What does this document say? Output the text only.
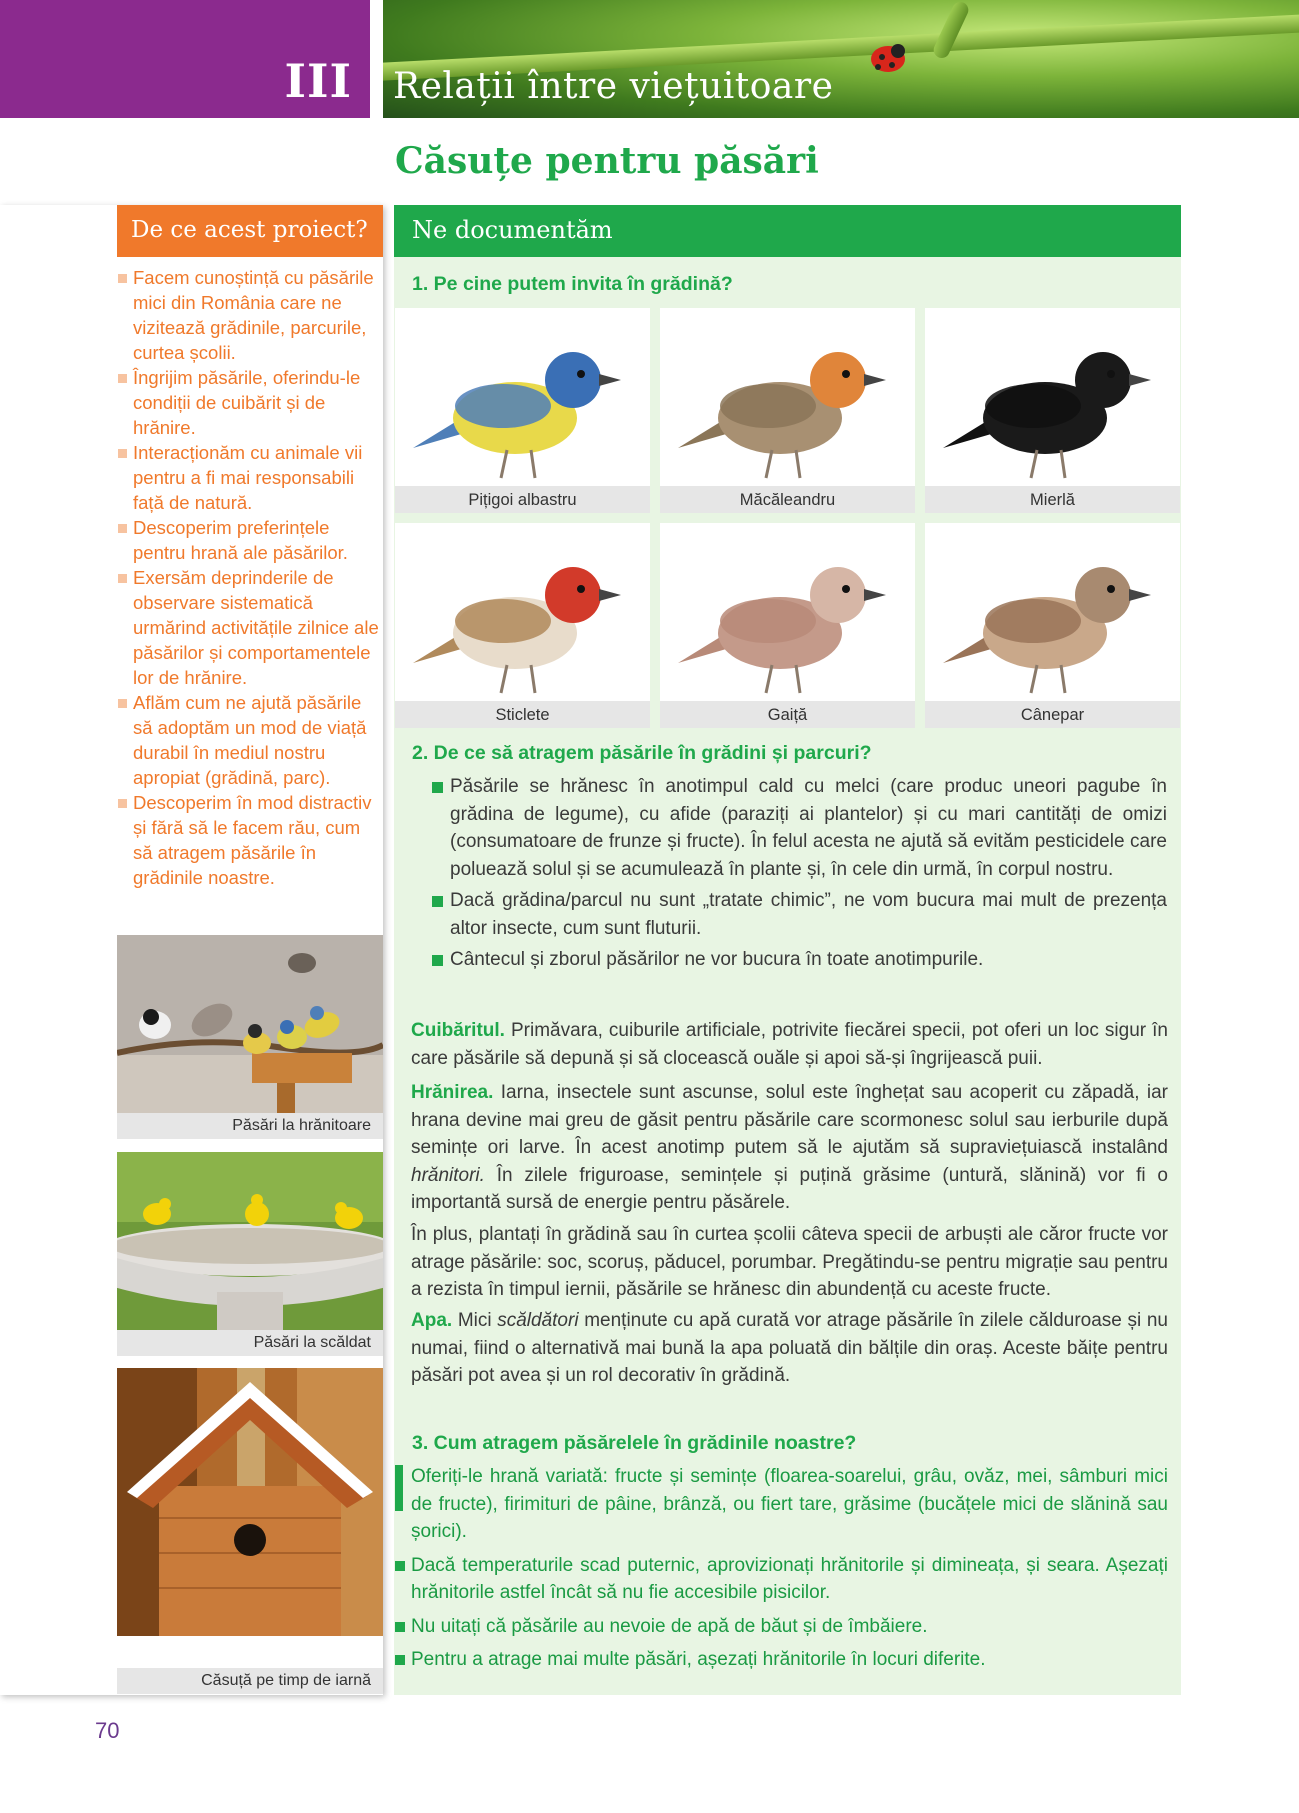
III Relații între viețuitoare
Căsuțe pentru păsări
De ce acest proiect?
Facem cunoștință cu păsările mici din România care ne vizitează grădinile, parcurile, curtea școlii.
Îngrijim păsările, oferindu-le condiții de cuibărit și de hrănire.
Interacționăm cu animale vii pentru a fi mai responsabili față de natură.
Descoperim preferințele pentru hrană ale păsărilor.
Exersăm deprinderile de observare sistematică urmărind activitățile zilnice ale păsărilor și comportamentele lor de hrănire.
Aflăm cum ne ajută păsările să adoptăm un mod de viață durabil în mediul nostru apropiat (grădină, parc).
Descoperim în mod distractiv și fără să le facem rău, cum să atragem păsările în grădinile noastre.
Păsări la hrănitoare
Păsări la scăldat
Căsuță pe timp de iarnă
Ne documentăm
1. Pe cine putem invita în grădină?
Pițigoi albastru	Măcăleandru	Mierlă
Sticlete	Gaiță	Cânepar
2. De ce să atragem păsările în grădini și parcuri?
Păsările se hrănesc în anotimpul cald cu melci (care produc uneori pagube în grădina de legume), cu afide (paraziți ai plantelor) și cu mari cantități de omizi (consumatoare de frunze și fructe). În felul acesta ne ajută să evităm pesticidele care poluează solul și se acumulează în plante și, în cele din urmă, în corpul nostru.
Dacă grădina/parcul nu sunt „tratate chimic”, ne vom bucura mai mult de prezența altor insecte, cum sunt fluturii.
Cântecul și zborul păsărilor ne vor bucura în toate anotimpurile.

Cuibăritul. Primăvara, cuiburile artificiale, potrivite fiecărei specii, pot oferi un loc sigur în care păsările să depună și să clocească ouăle și apoi să-și îngrijească puii.

Hrănirea. Iarna, insectele sunt ascunse, solul este înghețat sau acoperit cu zăpadă, iar hrana devine mai greu de găsit pentru păsările care scormonesc solul sau ierburile după semințe ori larve. În acest anotimp putem să le ajutăm să supraviețuiască instalând hrănitori. În zilele friguroase, semințele și puțină grăsime (untură, slănină) vor fi o importantă sursă de energie pentru păsărele.

În plus, plantați în grădină sau în curtea școlii câteva specii de arbuști ale căror fructe vor atrage păsările: soc, scoruș, păducel, porumbar. Pregătindu-se pentru migrație sau pentru a rezista în timpul iernii, păsările se hrănesc din abundență cu aceste fructe.

Apa. Mici scăldători menținute cu apă curată vor atrage păsările în zilele călduroase și nu numai, fiind o alternativă mai bună la apa poluată din bălțile din oraș. Aceste băițe pentru păsări pot avea și un rol decorativ în grădină.

3. Cum atragem păsărelele în grădinile noastre?
Oferiți-le hrană variată: fructe și semințe (floarea-soarelui, grâu, ovăz, mei, sâmburi mici de fructe), firimituri de pâine, brânză, ou fiert tare, grăsime (bucățele mici de slănină sau șorici).
Dacă temperaturile scad puternic, aprovizionați hrănitorile și dimineața, și seara. Așezați hrănitorile astfel încât să nu fie accesibile pisicilor.
Nu uitați că păsările au nevoie de apă de băut și de îmbăiere.
Pentru a atrage mai multe păsări, așezați hrănitorile în locuri diferite.
70
